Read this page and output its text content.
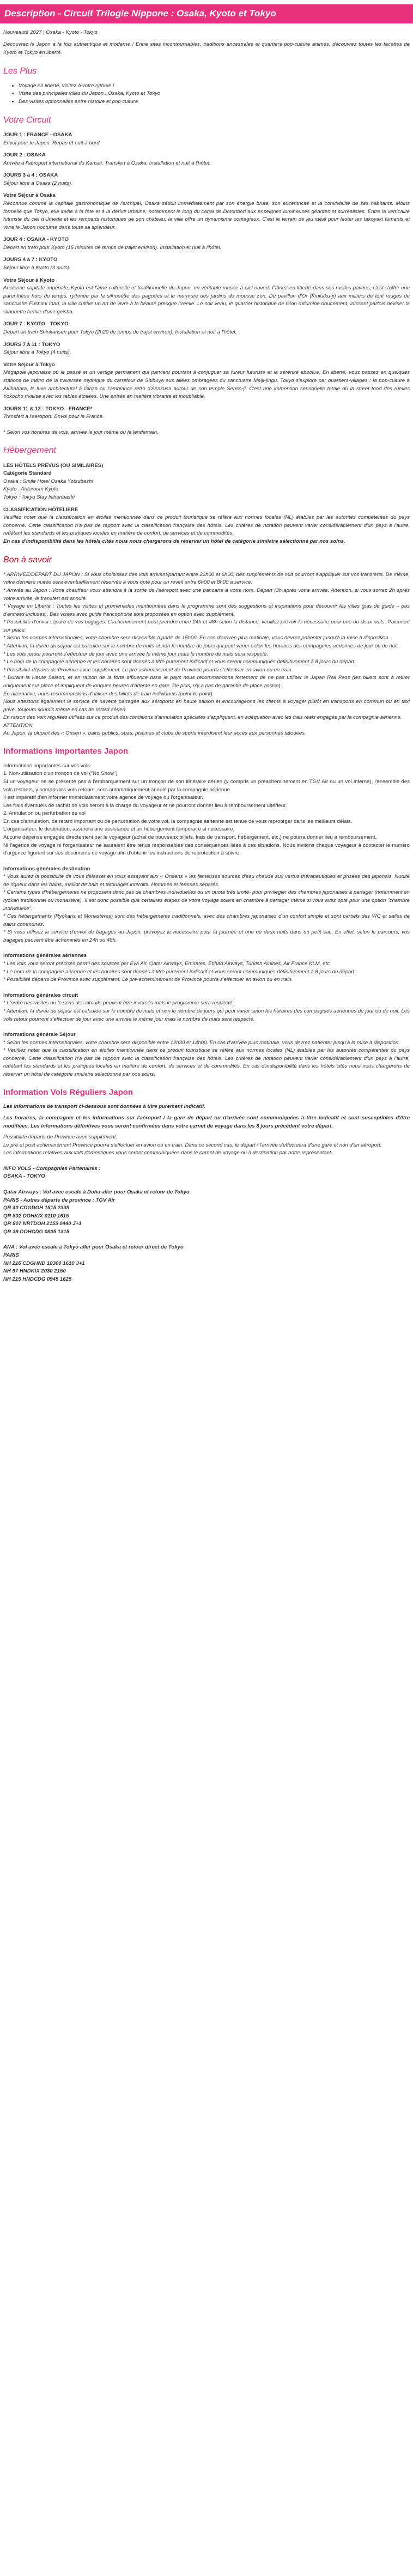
Description - Circuit Trilogie Nippone : Osaka, Kyoto et Tokyo

Nouveauté 2027 | Osaka - Kyoto - Tokyo

Découvrez le Japon à la fois authentique et moderne ! Entre sites incontournables, traditions ancestrales et quartiers pop-culture animés, découvrez toutes les facettes de Kyoto et Tokyo en liberté.

Les Plus
• Voyage en liberté, visitez à votre rythme !
• Visite des principales villes du Japon : Osaka, Kyoto et Tokyo
• Des visites optionnelles entre histoire et pop culture
Votre Circuit

JOUR 1 : FRANCE - OSAKA

Envol pour le Japon. Repas et nuit à bord.

JOUR 2 : OSAKA

Arrivée à l'aéroport international du Kansai. Transfert à Osaka. Installation et nuit à l'hôtel.

JOURS 3 à 4 : OSAKA

Séjour libre à Osaka (2 nuits).

Votre Séjour à Osaka

Réconnue comme la capitale gastronomique de l'archipel, Osaka séduit immédiatement par son énergie brute, son excentricité et la convivialité de ses habitants. Moins formelle que Tokyo, elle invite à la fête et à la dérive urbaine, notamment le long du canal de Dotonbori aux enseignes lumineuses géantes et surréalistes. Entre la verticalité futuriste du ciel d'Umeda et les remparts historiques de son château, la ville offre un dynamisme contagieux. C'est le terrain de jeu idéal pour tester les takoyaki fumants et vivre le Japon nocturne dans toute sa splendeur.

JOUR 4 : OSAKA - KYOTO

Départ en train pour Kyoto (15 minutes de temps de trajet environ). Installation et nuit à l'hôtel.

JOURS 4 à 7 : KYOTO

Séjour libre à Kyoto (3 nuits).

Votre Séjour à Kyoto

Ancienne capitale impériale, Kyoto est l'âme culturelle et traditionnelle du Japon, un véritable musée à ciel ouvert. Flânez en liberté dans ses ruelles pavées, c'est s'offrir une parenthèse hors du temps, rythmée par la silhouette des pagodes et le murmure des jardins de mousse zen. Du pavillon d'Or (Kinkaku-ji) aux milliers de torii rouges du sanctuaire Fushimi Inari, la ville cultive un art de vivre à la beauté presque irréelle. Le soir venu, le quartier historique de Gion s'illumine doucement, laissant parfois deviner la silhouette furtive d'une geisha.

JOUR 7 : KYOTO - TOKYO

Départ en train Shinkansen pour Tokyo (2h20 de temps de trajet environ). Installation et nuit à l'hôtel.

JOURS 7 à 11 : TOKYO

Séjour libre à Tokyo (4 nuits).

Votre Séjour à Tokyo

Mégapole japonaise où le passé et un vertige permanent qui parvient pourtant à conjuguer sa fureur futuriste et la sérénité absolue. En liberté, vous passez en quelques stations de métro de la traversée mythique du carrefour de Shibuya aux allées ombragées du sanctuaire Meiji-jingu. Tokyo s'explore par quartiers-villages : la pop-culture à Akihabara, le luxe architectural à Ginza ou l'ambiance rétro d'Asakusa autour de son temple Senso-ji. C'est une immersion sensorielle totale où la street food des ruelles Yokocho rivalise avec les tables étoilées. Une entrée en matière vibrante et inoubliable.

JOURS 11 & 12 : TOKYO - FRANCE*

Transfert à l'aéroport. Envol pour la France.

* Selon vos horaires de vols, arrivée le jour même ou le lendemain.

Hébergement

LES HÔTELS PRÉVUS (OU SIMILAIRES)

Catégorie Standard

Osaka : Smile Hotel Osaka Yotsubashi

Kyoto : Anteroom Kyoto

Tokyo : Tokyu Stay Nihonbashi

CLASSIFICATION HÔTELIÈRE

Veuillez noter que la classification en étoiles mentionnée dans ce produit touristique se réfère aux normes locales (NL) établies par les autorités compétentes du pays concerné. Cette classification n'a pas de rapport avec la classification française des hôtels. Les critères de notation peuvent varier considérablement d'un pays à l'autre, reflétant les standards et les pratiques locales en matière de confort, de services et de commodités.

En cas d'indisponibilité dans les hôtels cités nous nous chargerons de réserver un hôtel de catégorie similaire sélectionné par nos soins.

Bon à savoir

* ARRIVÉE/DÉPART DU JAPON : Si vous choisissez des vols arrivant/partant entre 22h00 et 6h00, des suppléments de nuit pourront s'appliquer sur vos transferts. De même, votre dernière nuitée sera éventuellement réservée à vous opté pour un réveil entre 6h00 et 8h00 à service.

* Arrivée au Japon : Votre chauffeur vous attendra à la sortie de l'aéroport avec une pancarte à votre nom. Départ (3h après votre arrivée. Attention, si vous sortez 2h après votre arrivée, le transfert est annulé.

* Voyage en Liberté : Toutes les visites et promenades mentionnées dans le programme sont des suggestions et inspirations pour découvrir les villes (pas de guide – pas d'entrées incluses). Des visites avec guide francophone sont proposées en option avec supplément.

* Possibilité d'envoi séparé de vos bagages. L'acheminement peut prendre entre 24h et 48h selon la distance, veuillez prévoir le nécessaire pour une ou deux nuits. Paiement sur place.

* Selon les normes internationales, votre chambre sera disponible à partir de 15h00. En cas d'arrivée plus matinale, vous devrez patienter jusqu'à la mise à disposition.

* Attention, la durée du séjour est calculée sur le nombre de nuits et non le nombre de jours qui peut varier selon les horaires des compagnies aériennes de jour ou de nuit.

* Les vols retour pourront s'effectuer de jour avec une arrivée le même jour mais le nombre de nuits sera respecté.

* Le nom de la compagnie aérienne et les horaires sont donnés à titre purement indicatif et vous seront communiqués définitivement à 8 jours du départ.

* Possibilité départs de Province avec supplément. Le pré-acheminement de Province pourra s'effectuer en avion ou en train.

* Durant la Haute Saison, et en raison de la forte affluence dans le pays nous recommandons fortement de ne pas utiliser le Japan Rail Pass (les billets sont à retirer uniquement sur place et impliquent de longues heures d'attente en gare. De plus, n'y a pas de garantie de place assise).

En alternative, nous recommandons d'utiliser des billets de train individuels (point-to-point).

Nous attestons également le service de navette partagée aux aéroports en haute saison et encourageons les clients à voyager plutôt en transports en commun ou en taxi privé, toujours soumis même en cas de retard aérien.

En raison des voix régulées utilisés sur ce produit des conditions d'annulation spéciales s'appliquent, en adéquation avec les frais réels engagés par la compagnie aérienne.

ATTENTION

Au Japon, la plupart des « Onsen », bains publics, spas, piscines et clubs de sports interdisent leur accès aux personnes tatouées.

Informations Importantes Japon

Informations importantes sur vos vols

1. Non-utilisation d'un tronçon de vol ("No Show")

Si un voyageur ne se présente pas à l'embarquement sur un tronçon de son itinéraire aérien (y compris un préacheminement en TGV Air ou un vol interne), l'ensemble des vols restants, y compris les vols retours, sera automatiquement annulé par la compagnie aérienne.

Il est impératif d'en informer immédiatement votre agence de voyage ou l'organisateur.

Les frais éventuels de rachat de vols seront à la charge du voyageur et ne pourront donner lieu à remboursement ultérieur.

2. Annulation ou perturbation de vol

En cas d'annulation, de retard important ou de perturbation de votre vol, la compagnie aérienne est tenue de vous reprotéger dans les meilleurs délais.

L'organisateur, le destination, assurera une assistance et un hébergement temporaire si nécessaire.

Aucune dépense engagée directement par le voyageur (achat de nouveaux billets, frais de transport, hébergement, etc.) ne pourra donner lieu à remboursement.

Nl l'agence de voyage ni l'organisateur ne sauraient être tenus responsables des conséquences liées à ces situations. Nous invitons chaque voyageur à contacter le numéro d'urgence figurant sur ses documents de voyage afin d'obtenir les instructions de reprotection à suivre.

Informations générales destination

* Vous aurez la possibilité de vous délasser en vous essayant aux « Onsens » les fameuses sources d'eau chaude aux vertus thérapeutiques et prisées des japonais. Nudité de rigueur dans les bains, maillot de bain et tatouages interdits. Hommes et femmes séparés.

* Certains types d'hébergements ne proposent donc pas de chambres individuelles ou un quota très limité- pour privilégier des chambres japonaises à partager (notamment en ryokan traditionnel ou monastère). Il est donc possible que certaines étapes de votre voyage soient en chambre à partager même si vous avez opté pour une option "chambre individuelle".

* Ces hébergements (Ryokans et Monastères) sont des hébergements traditionnels, avec des chambres japonaises d'un confort simple et sont partiels des WC et salles de bains communes.

* Si vous utilisez le service d'envoi de bagages au Japon, prévoyez le nécessaire pour la journée et une ou deux nuits dans un petit sac. En effet, selon le parcours, vos bagages peuvent être acheminés en 24h ou 48h.

Informations générales aériennes

* Les vols vous seront précisés parmi des sources par Eva Air, Qatar Airways, Emirates, Etihad Airways, Turkish Airlines, Air France KLM, etc.

* Le nom de la compagnie aérienne et les horaires sont donnés à titre purement indicatif et vous seront communiqués définitivement à 8 jours du départ

* Possibilité départs de Province avec supplément. Le pré-acheminement de Province pourra s'effectuer en avion ou en train.

Informations générales circuit

* L'ordre des visites ou le sens des circuits peuvent être inversés mais le programme sera respecté.

* Attention, la durée du séjour est calculée sur le nombre de nuits et non le nombre de jours qui peut varier selon les horaires des compagnies aériennes de jour ou de nuit. Les vols retour pourront s'effectuer de jour avec une arrivée le même jour mais le nombre de nuits sera respecté.

Informations générale Séjour

* Selon les normes internationales, votre chambre sera disponible entre 12h30 et 14h00. En cas d'arrivée plus matinale, vous devrez patienter jusqu'à la mise à disposition.

* Veuillez noter que la classification en étoiles mentionnée dans ce produit touristique se réfère aux normes locales (NL) établies par les autorités compétentes du pays concerné. Cette classification n'a pas de rapport avec la classification française des hôtels. Les critères de notation peuvent varier considérablement d'un pays à l'autre, reflétant les standards et les pratiques locales en matière de confort, de services et de commodités. En cas d'indisponibilité dans les hôtels cités nous nous chargerons de réserver un hôtel de catégorie similaire sélectionné par nos soins.

Information Vols Réguliers Japon

Les informations de transport ci-dessous sont données à titre purement indicatif.

Les horaires, la compagnie et les informations sur l'aéroport / la gare de départ ou d'arrivée sont communiquées à titre indicatif et sont susceptibles d'être modifiées. Les informations définitives vous seront confirmées dans votre carnet de voyage dans les 8 jours précédent votre départ.

Possibilité départs de Province avec supplément.

Le pré et post acheminement Province pourra s'effectuer en avion ou en train. Dans ce second cas, le départ / l'arrivée s'effectuera d'une gare et non d'un aéroport.

Les informations relatives aux vols domestiques vous seront communiquées dans le carnet de voyage ou à destination par notre représentant.

INFO VOLS - Compagnies Partenaires :

OSAKA - TOKYO

Qatar Airways : Vol avec escale à Doha aller pour Osaka et retour de Tokyo

PARIS - Autres départs de province : TGV Air

QR 40 CDGDOH 1515 2335

QR 802 DOHKIX 0110 1615

QR 807 NRTDOH 2155 0440 J+1

QR 39 DOHCDG 0805 1315

ANA : Vol avec escale à Tokyo aller pour Osaka et retour direct de Tokyo

PARIS

NH 216 CDGHND 18300 1610 J+1

NH 97 HNDKIX 2030 2150

NH 215 HNDCDG 0945 1625
